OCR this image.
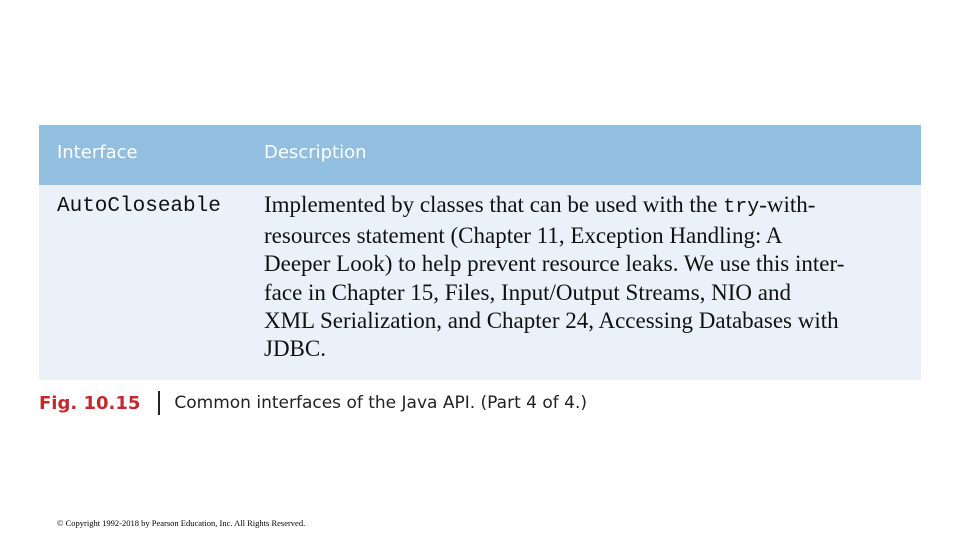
Interface	Description
AutoCloseable Implemented by classes that can be used with the try-with-
resources statement (Chapter 11, Exception Handling: A
Deeper Look) to help prevent resource leaks. We use this inter-
face in Chapter 15, Files, Input/Output Streams, NIO and
XML Serialization, and Chapter 24, Accessing Databases with
JDBC.
Fig. 10.15 Common interfaces of the Java API. (Part 4 of 4.)
© Copyright 1992-2018 by Pearson Education, Inc. All Rights Reserved.
